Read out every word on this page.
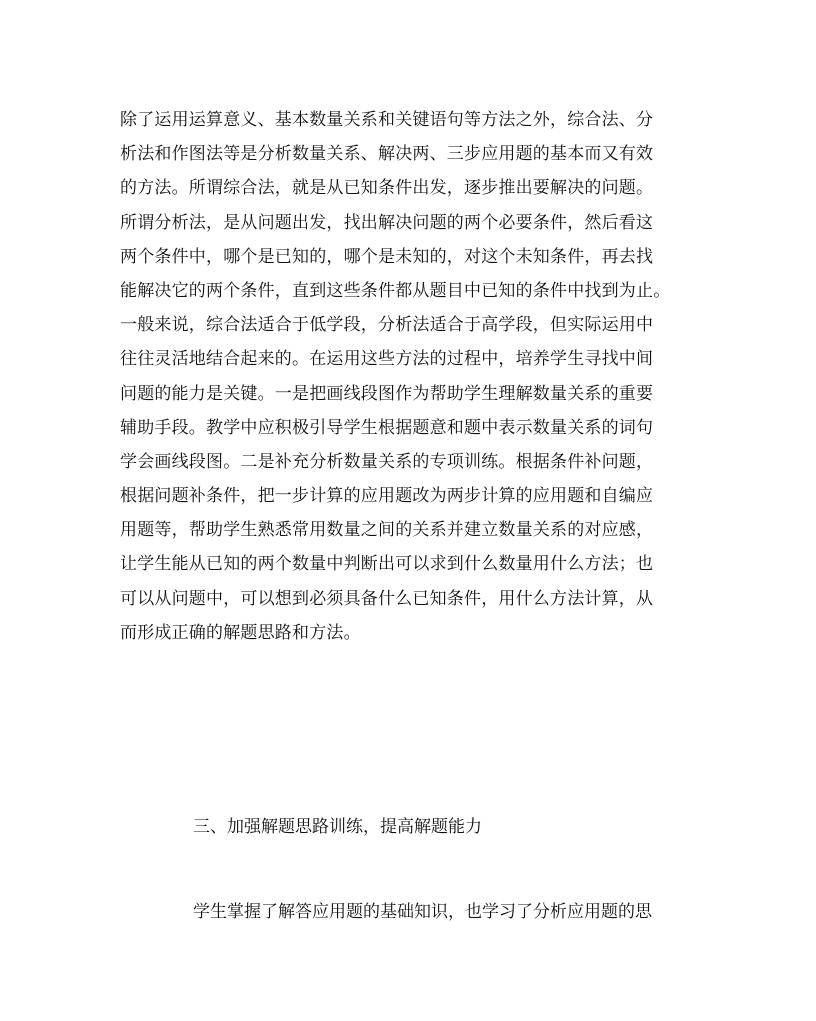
除了运用运算意义、基本数量关系和关键语句等方法之外，综合法、分
析法和作图法等是分析数量关系、解决两、三步应用题的基本而又有效
的方法。所谓综合法，就是从已知条件出发，逐步推出要解决的问题。
所谓分析法，是从问题出发，找出解决问题的两个必要条件，然后看这
两个条件中，哪个是已知的，哪个是未知的，对这个未知条件，再去找
能解决它的两个条件，直到这些条件都从题目中已知的条件中找到为止。
一般来说，综合法适合于低学段，分析法适合于高学段，但实际运用中
往往灵活地结合起来的。在运用这些方法的过程中，培养学生寻找中间
问题的能力是关键。一是把画线段图作为帮助学生理解数量关系的重要
辅助手段。教学中应积极引导学生根据题意和题中表示数量关系的词句
学会画线段图。二是补充分析数量关系的专项训练。根据条件补问题，
根据问题补条件，把一步计算的应用题改为两步计算的应用题和自编应
用题等，帮助学生熟悉常用数量之间的关系并建立数量关系的对应感，
让学生能从已知的两个数量中判断出可以求到什么数量用什么方法；也
可以从问题中，可以想到必须具备什么已知条件，用什么方法计算，从
而形成正确的解题思路和方法。
三、加强解题思路训练，提高解题能力
学生掌握了解答应用题的基础知识，也学习了分析应用题的思
